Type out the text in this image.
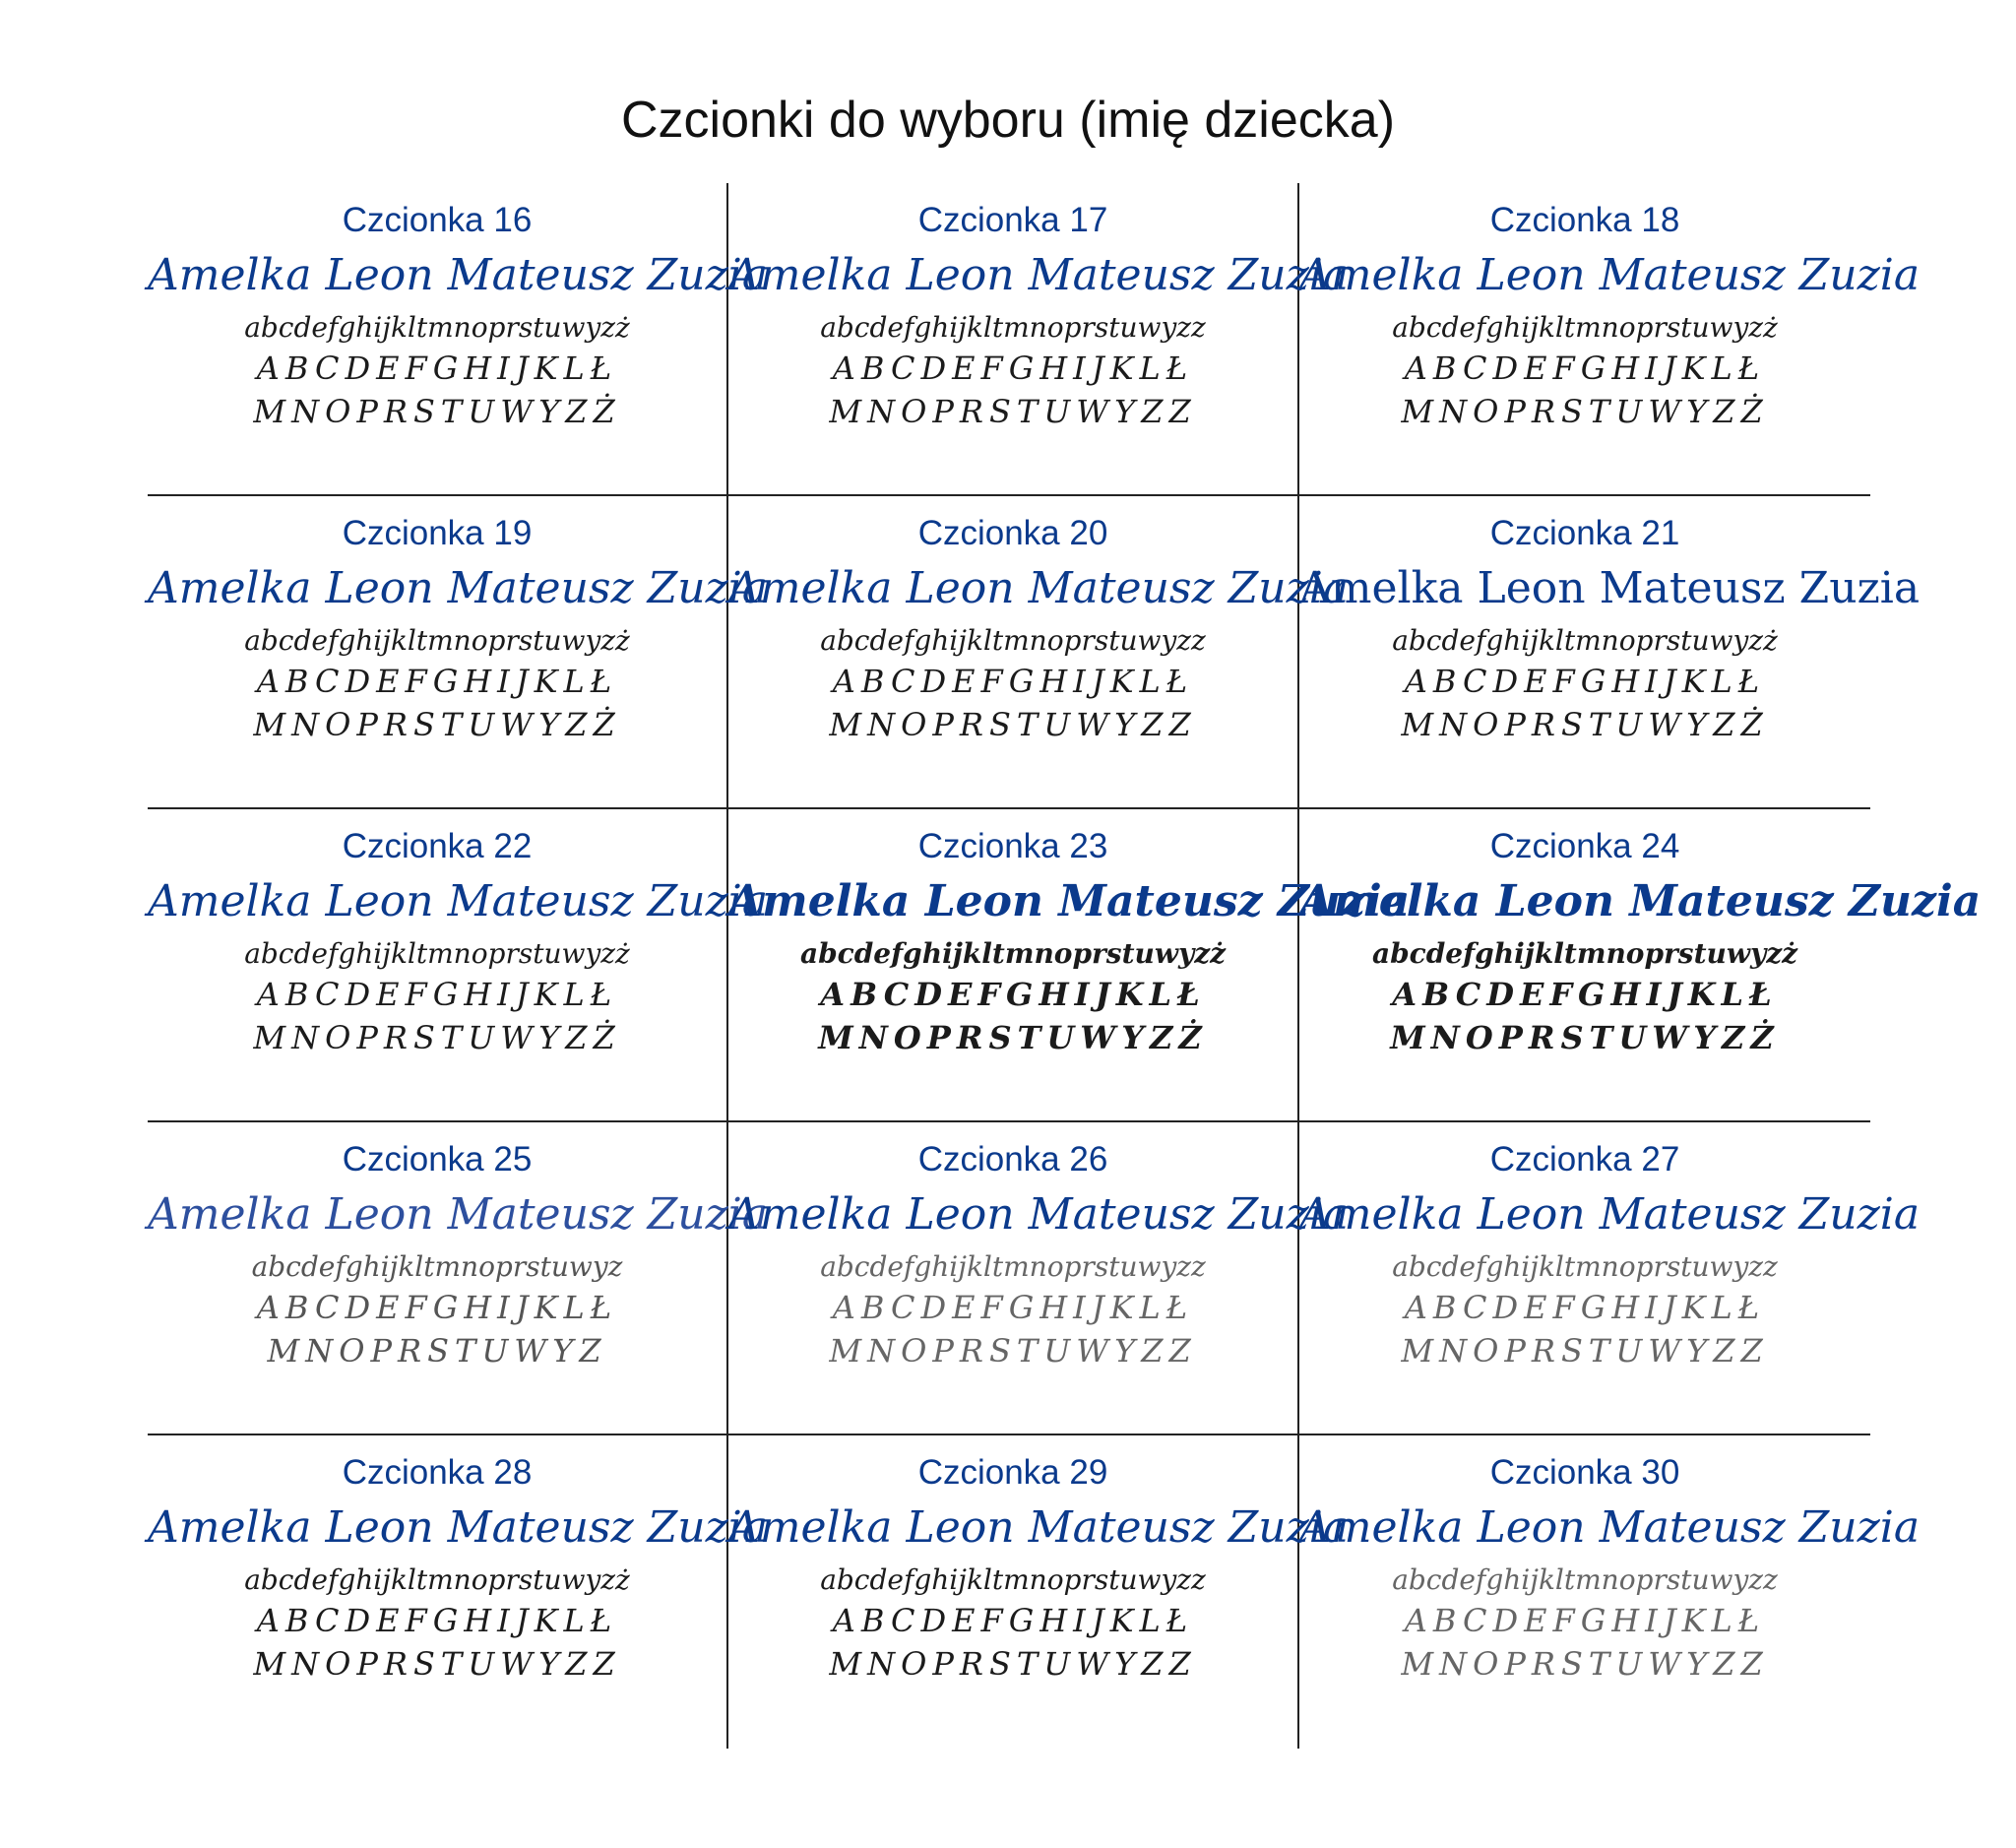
Czcionki do wyboru (imię dziecka)
Czcionka 16
Amelka Leon Mateusz Zuzia
abcdefghijkltmnoprstuwyzż
ABCDEFGHIJKLŁ
MNOPRSTUWYZŻ
Czcionka 17
Amelka Leon Mateusz Zuzia
abcdefghijkltmnoprstuwyzz
ABCDEFGHIJKLŁ
MNOPRSTUWYZZ
Czcionka 18
Amelka Leon Mateusz Zuzia
abcdefghijkltmnoprstuwyzż
ABCDEFGHIJKLŁ
MNOPRSTUWYZŻ
Czcionka 19
Amelka Leon Mateusz Zuzia
abcdefghijkltmnoprstuwyzż
ABCDEFGHIJKLŁ
MNOPRSTUWYZŻ
Czcionka 20
Amelka Leon Mateusz Zuzia
abcdefghijkltmnoprstuwyzz
ABCDEFGHIJKLŁ
MNOPRSTUWYZZ
Czcionka 21
Amelka Leon Mateusz Zuzia
abcdefghijkltmnoprstuwyzż
ABCDEFGHIJKLŁ
MNOPRSTUWYZŻ
Czcionka 22
Amelka Leon Mateusz Zuzia
abcdefghijkltmnoprstuwyzż
ABCDEFGHIJKLŁ
MNOPRSTUWYZŻ
Czcionka 23
Amelka Leon Mateusz Zuzia
abcdefghijkltmnoprstuwyzż
ABCDEFGHIJKLŁ
MNOPRSTUWYZŻ
Czcionka 24
Amelka Leon Mateusz Zuzia
abcdefghijkltmnoprstuwyzż
ABCDEFGHIJKLŁ
MNOPRSTUWYZŻ
Czcionka 25
Amelka Leon Mateusz Zuzia
abcdefghijkltmnoprstuwyz
ABCDEFGHIJKLŁ
MNOPRSTUWYZ
Czcionka 26
Amelka Leon Mateusz Zuzia
abcdefghijkltmnoprstuwyzz
ABCDEFGHIJKLŁ
MNOPRSTUWYZZ
Czcionka 27
Amelka Leon Mateusz Zuzia
abcdefghijkltmnoprstuwyzz
ABCDEFGHIJKLŁ
MNOPRSTUWYZZ
Czcionka 28
Amelka Leon Mateusz Zuzia
abcdefghijkltmnoprstuwyzż
ABCDEFGHIJKLŁ
MNOPRSTUWYZZ
Czcionka 29
Amelka Leon Mateusz Zuzia
abcdefghijkltmnoprstuwyzz
ABCDEFGHIJKLŁ
MNOPRSTUWYZZ
Czcionka 30
Amelka Leon Mateusz Zuzia
abcdefghijkltmnoprstuwyzz
ABCDEFGHIJKLŁ
MNOPRSTUWYZZ
